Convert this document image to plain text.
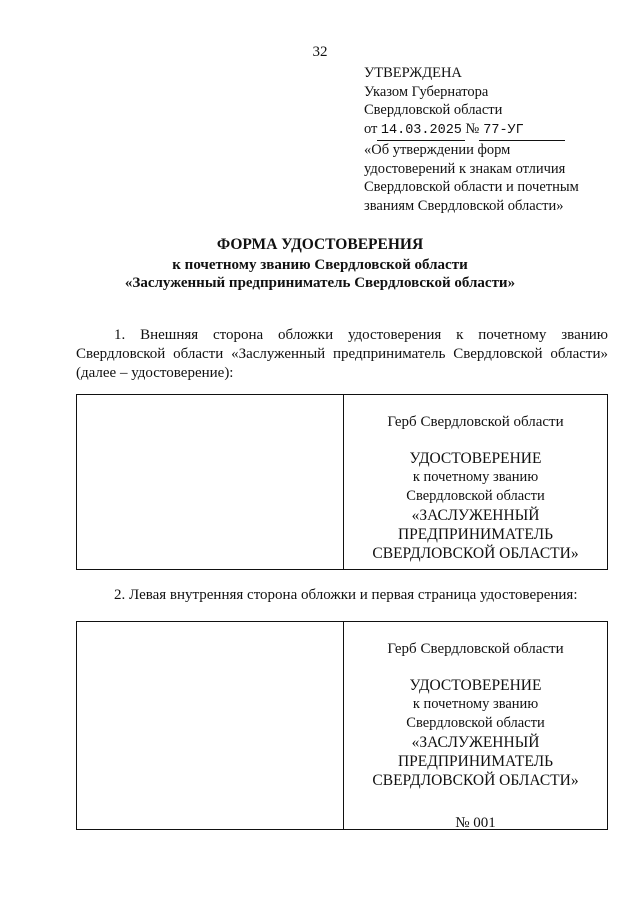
32
УТВЕРЖДЕНА
Указом Губернатора
Свердловской области
от 14.03.2025 № 77-УГ
«Об утверждении форм
удостоверений к знакам отличия
Свердловской области и почетным
званиям Свердловской области»
ФОРМА УДОСТОВЕРЕНИЯ
к почетному званию Свердловской области
«Заслуженный предприниматель Свердловской области»
1. Внешняя сторона обложки удостоверения к почетному званию
Свердловской области «Заслуженный предприниматель Свердловской области»
(далее – удостоверение):
Герб Свердловской области
УДОСТОВЕРЕНИЕ
к почетному званию
Свердловской области
«ЗАСЛУЖЕННЫЙ
ПРЕДПРИНИМАТЕЛЬ
СВЕРДЛОВСКОЙ ОБЛАСТИ»
2. Левая внутренняя сторона обложки и первая страница удостоверения:
Герб Свердловской области
УДОСТОВЕРЕНИЕ
к почетному званию
Свердловской области
«ЗАСЛУЖЕННЫЙ
ПРЕДПРИНИМАТЕЛЬ
СВЕРДЛОВСКОЙ ОБЛАСТИ»
№ 001
